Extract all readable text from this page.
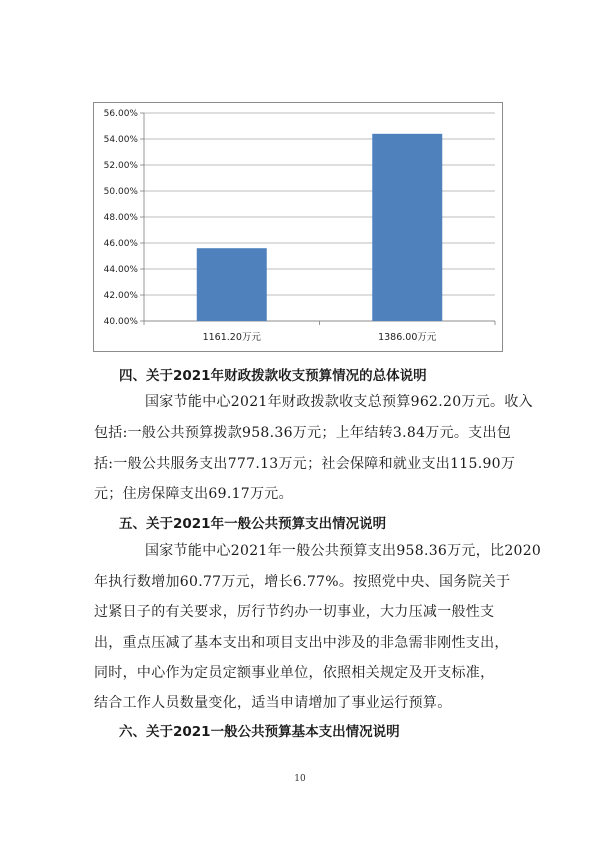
40.00%
42.00%
44.00%
46.00%
48.00%
50.00%
52.00%
54.00%
56.00%
1161.20万元	1386.00万元
四、关于2021年财政拨款收支预算情况的总体说明
国家节能中心2021年财政拨款收支总预算962.20万元。收入
包括:一般公共预算拨款958.36万元；上年结转3.84万元。支出包
括:一般公共服务支出777.13万元；社会保障和就业支出115.90万
元；住房保障支出69.17万元。
五、关于2021年一般公共预算支出情况说明
国家节能中心2021年一般公共预算支出958.36万元，比2020
年执行数增加60.77万元，增长6.77%。按照党中央、国务院关于
过紧日子的有关要求，厉行节约办一切事业，大力压减一般性支
出，重点压减了基本支出和项目支出中涉及的非急需非刚性支出，
同时，中心作为定员定额事业单位，依照相关规定及开支标准，
结合工作人员数量变化，适当申请增加了事业运行预算。
六、关于2021一般公共预算基本支出情况说明
10
